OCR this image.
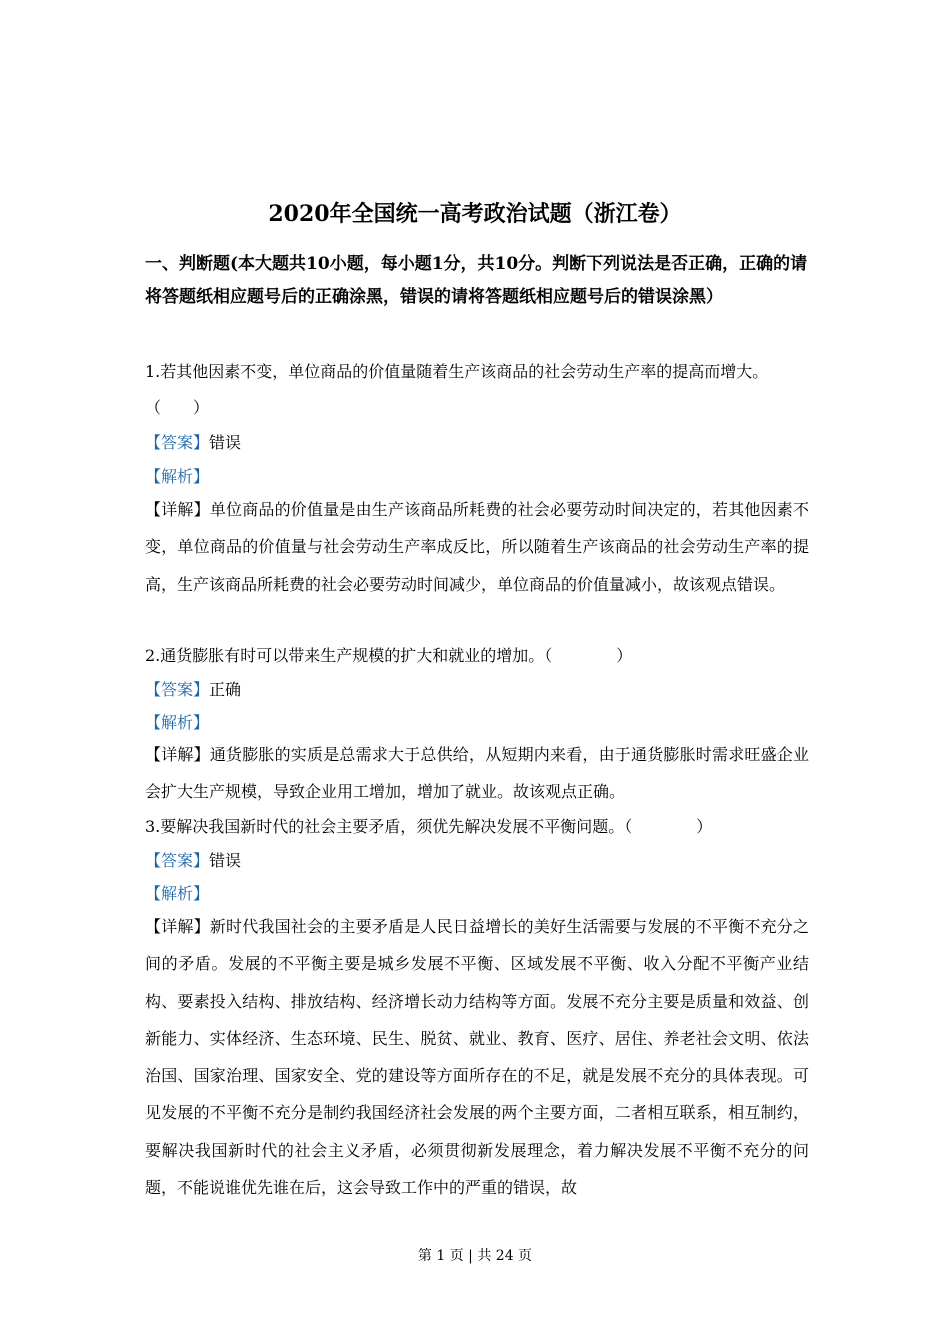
2020年全国统一高考政治试题（浙江卷）

一、判断题(本大题共10小题，每小题1分，共10分。判断下列说法是否正确，正确的请将答题纸相应题号后的正确涂黑，错误的请将答题纸相应题号后的错误涂黑）

1.若其他因素不变，单位商品的价值量随着生产该商品的社会劳动生产率的提高而增大。
（　　）
【答案】错误
【解析】
【详解】单位商品的价值量是由生产该商品所耗费的社会必要劳动时间决定的，若其他因素不变，单位商品的价值量与社会劳动生产率成反比，所以随着生产该商品的社会劳动生产率的提高，生产该商品所耗费的社会必要劳动时间减少，单位商品的价值量减小，故该观点错误。
2.通货膨胀有时可以带来生产规模的扩大和就业的增加。（　　　　）
【答案】正确
【解析】
【详解】通货膨胀的实质是总需求大于总供给，从短期内来看，由于通货膨胀时需求旺盛企业会扩大生产规模，导致企业用工增加，增加了就业。故该观点正确。
3.要解决我国新时代的社会主要矛盾，须优先解决发展不平衡问题。（　　　　）
【答案】错误
【解析】
【详解】新时代我国社会的主要矛盾是人民日益增长的美好生活需要与发展的不平衡不充分之间的矛盾。发展的不平衡主要是城乡发展不平衡、区域发展不平衡、收入分配不平衡产业结构、要素投入结构、排放结构、经济增长动力结构等方面。发展不充分主要是质量和效益、创新能力、实体经济、生态环境、民生、脱贫、就业、教育、医疗、居住、养老社会文明、依法治国、国家治理、国家安全、党的建设等方面所存在的不足，就是发展不充分的具体表现。可见发展的不平衡不充分是制约我国经济社会发展的两个主要方面，二者相互联系，相互制约，要解决我国新时代的社会主义矛盾，必须贯彻新发展理念，着力解决发展不平衡不充分的问题，不能说谁优先谁在后，这会导致工作中的严重的错误，故
第 1 页 | 共 24 页
